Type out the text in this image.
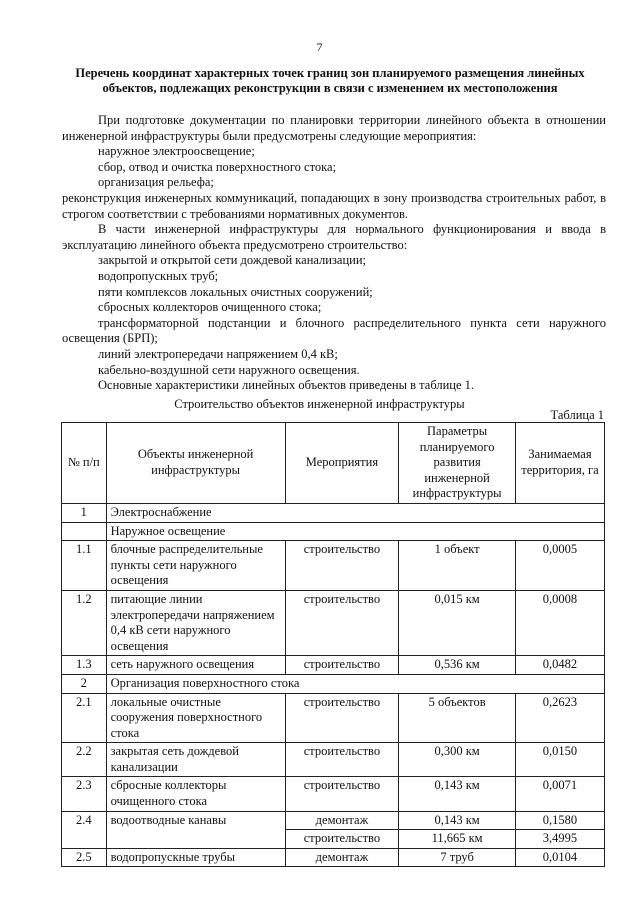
7
Перечень координат характерных точек границ зон планируемого размещения линейных объектов, подлежащих реконструкции в связи с изменением их местоположения

При подготовке документации по планировки территории линейного объекта в отношении инженерной инфраструктуры были предусмотрены следующие мероприятия:

наружное электроосвещение;

сбор, отвод и очистка поверхностного стока;

организация рельефа;

реконструкция инженерных коммуникаций, попадающих в зону производства строительных работ, в строгом соответствии с требованиями нормативных документов.

В части инженерной инфраструктуры для нормального функционирования и ввода в эксплуатацию линейного объекта предусмотрено строительство:

закрытой и открытой сети дождевой канализации;

водопропускных труб;

пяти комплексов локальных очистных сооружений;

сбросных коллекторов очищенного стока;

трансформаторной подстанции и блочного распределительного пункта сети наружного освещения (БРП);

линий электропередачи напряжением 0,4 кВ;

кабельно-воздушной сети наружного освещения.

Основные характеристики линейных объектов приведены в таблице 1.

Строительство объектов инженерной инфраструктуры
Таблица 1
№ п/п	Объекты инженерной инфраструктуры	Мероприятия	Параметры планируемого развития инженерной инфраструктуры	Занимаемая территория, га
1	Электроснабжение			
	Наружное освещение			
1.1	блочные распределительные пункты сети наружного освещения	строительство	1 объект	0,0005
1.2	питающие линии электропередачи напряжением 0,4 кВ сети наружного освещения	строительство	0,015 км	0,0008
1.3	сеть наружного освещения	строительство	0,536 км	0,0482
2	Организация поверхностного стока			
2.1	локальные очистные сооружения поверхностного стока	строительство	5 объектов	0,2623
2.2	закрытая сеть дождевой канализации	строительство	0,300 км	0,0150
2.3	сбросные коллекторы очищенного стока	строительство	0,143 км	0,0071
2.4	водоотводные канавы	демонтаж	0,143 км	0,1580
		строительство	11,665 км	3,4995
2.5	водопропускные трубы	демонтаж	7 труб	0,0104
